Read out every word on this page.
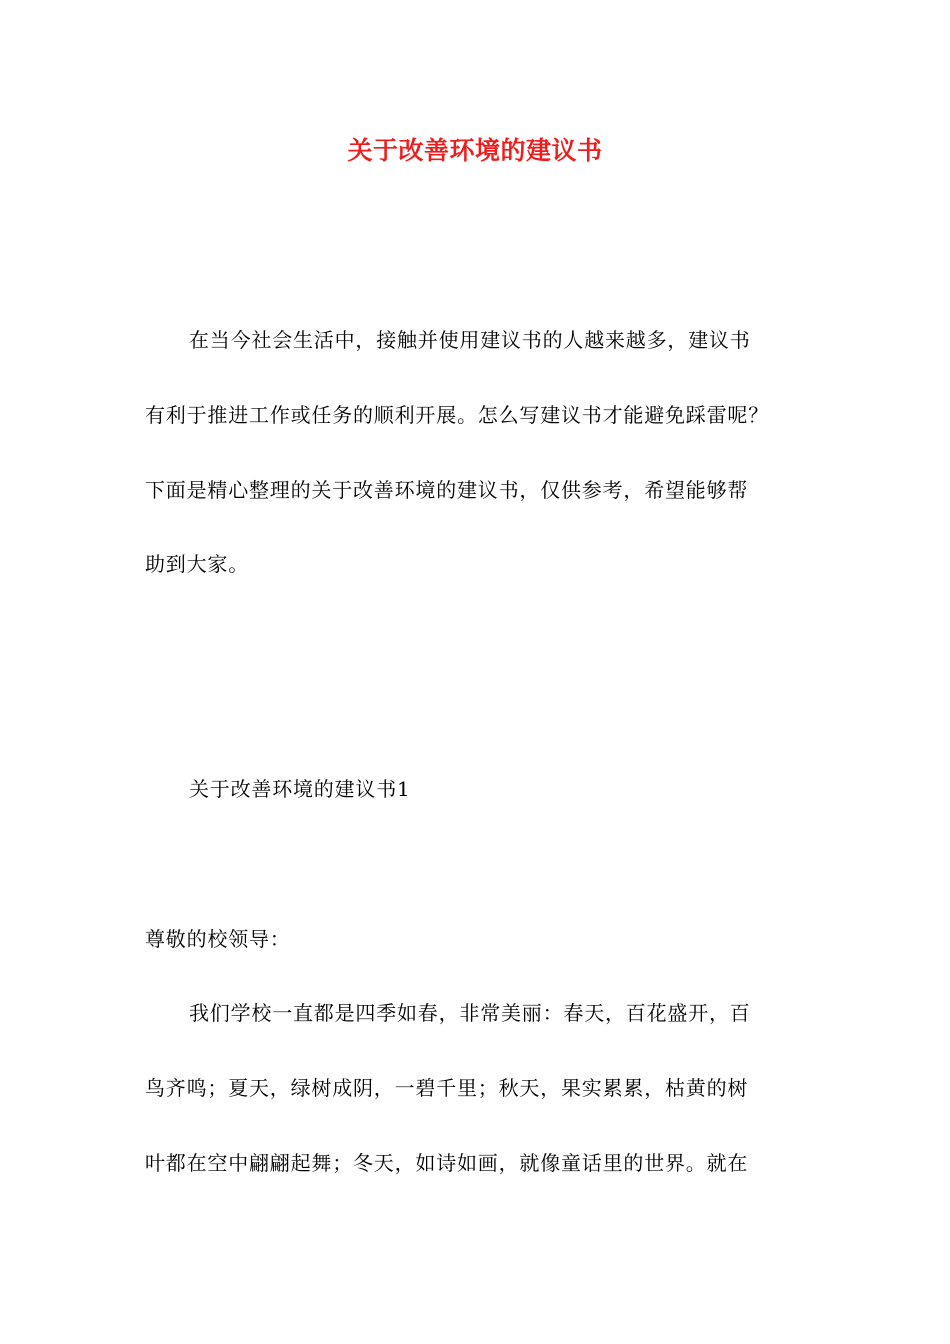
关于改善环境的建议书
在当今社会生活中，接触并使用建议书的人越来越多，建议书
有利于推进工作或任务的顺利开展。怎么写建议书才能避免踩雷呢？
下面是精心整理的关于改善环境的建议书，仅供参考，希望能够帮
助到大家。
关于改善环境的建议书1
尊敬的校领导：
我们学校一直都是四季如春，非常美丽：春天，百花盛开，百
鸟齐鸣；夏天，绿树成阴，一碧千里；秋天，果实累累，枯黄的树
叶都在空中翩翩起舞；冬天，如诗如画，就像童话里的世界。就在
